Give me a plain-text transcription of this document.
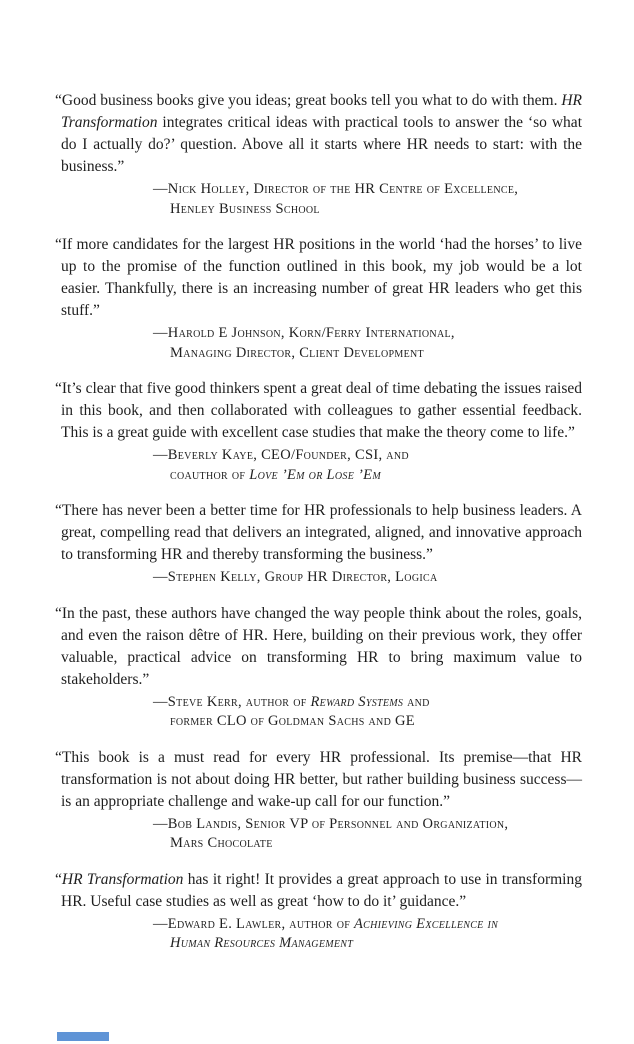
“Good business books give you ideas; great books tell you what to do with them. HR Transformation integrates critical ideas with practical tools to answer the ‘so what do I actually do?’ question. Above all it starts where HR needs to start: with the business.”

—Nick Holley, Director of the HR Centre of Excellence,
Henley Business School

“If more candidates for the largest HR positions in the world ‘had the horses’ to live up to the promise of the function outlined in this book, my job would be a lot easier. Thankfully, there is an increasing number of great HR leaders who get this stuff.”

—Harold E Johnson, Korn/Ferry International,
Managing Director, Client Development

“It’s clear that five good thinkers spent a great deal of time debating the issues raised in this book, and then collaborated with colleagues to gather essential feedback. This is a great guide with excellent case studies that make the theory come to life.”

—Beverly Kaye, CEO/Founder, CSI, and
coauthor of Love ’Em or Lose ’Em

“There has never been a better time for HR professionals to help business leaders. A great, compelling read that delivers an integrated, aligned, and innovative approach to transforming HR and thereby transforming the business.”

—Stephen Kelly, Group HR Director, Logica

“In the past, these authors have changed the way people think about the roles, goals, and even the raison dêtre of HR. Here, building on their previous work, they offer valuable, practical advice on transforming HR to bring maximum value to stakeholders.”

—Steve Kerr, author of Reward Systems and
former CLO of Goldman Sachs and GE

“This book is a must read for every HR professional. Its premise—that HR transformation is not about doing HR better, but rather building business success—is an appropriate challenge and wake-up call for our function.”

—Bob Landis, Senior VP of Personnel and Organization,
Mars Chocolate

“HR Transformation has it right! It provides a great approach to use in transforming HR. Useful case studies as well as great ‘how to do it’ guidance.”

—Edward E. Lawler, author of Achieving Excellence in
Human Resources Management
